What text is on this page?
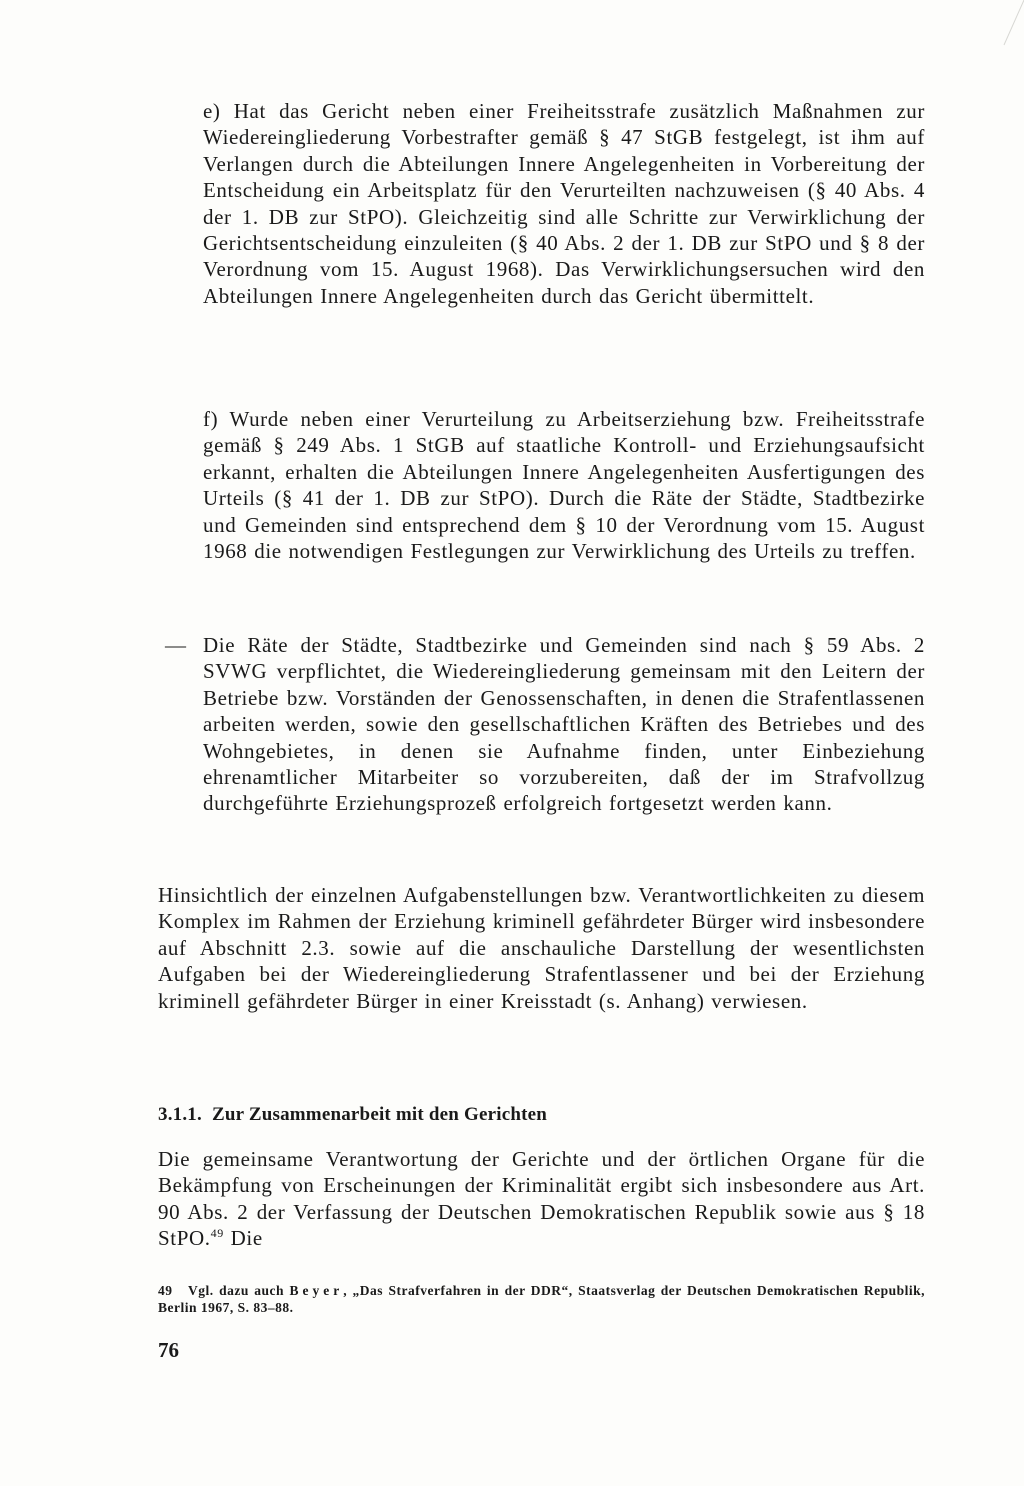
e) Hat das Gericht neben einer Freiheitsstrafe zusätzlich Maßnahmen zur Wiedereingliederung Vorbestrafter gemäß § 47 StGB festgelegt, ist ihm auf Verlangen durch die Abteilungen Innere Angelegenheiten in Vorbereitung der Entscheidung ein Arbeitsplatz für den Verurteilten nachzuweisen (§ 40 Abs. 4 der 1. DB zur StPO). Gleichzeitig sind alle Schritte zur Verwirklichung der Gerichtsentscheidung einzuleiten (§ 40 Abs. 2 der 1. DB zur StPO und § 8 der Verordnung vom 15. August 1968). Das Verwirklichungsersuchen wird den Abteilungen Innere Angelegenheiten durch das Gericht übermittelt.

f) Wurde neben einer Verurteilung zu Arbeitserziehung bzw. Freiheitsstrafe gemäß § 249 Abs. 1 StGB auf staatliche Kontroll- und Erziehungsaufsicht erkannt, erhalten die Abteilungen Innere Angelegenheiten Ausfertigungen des Urteils (§ 41 der 1. DB zur StPO). Durch die Räte der Städte, Stadtbezirke und Gemeinden sind entsprechend dem § 10 der Verordnung vom 15. August 1968 die notwendigen Festlegungen zur Verwirklichung des Urteils zu treffen.

— Die Räte der Städte, Stadtbezirke und Gemeinden sind nach § 59 Abs. 2 SVWG verpflichtet, die Wiedereingliederung gemeinsam mit den Leitern der Betriebe bzw. Vorständen der Genossenschaften, in denen die Strafentlassenen arbeiten werden, sowie den gesellschaftlichen Kräften des Betriebes und des Wohngebietes, in denen sie Aufnahme finden, unter Einbeziehung ehrenamtlicher Mitarbeiter so vorzubereiten, daß der im Strafvollzug durchgeführte Erziehungsprozeß erfolgreich fortgesetzt werden kann.

Hinsichtlich der einzelnen Aufgabenstellungen bzw. Verantwortlichkeiten zu diesem Komplex im Rahmen der Erziehung kriminell gefährdeter Bürger wird insbesondere auf Abschnitt 2.3. sowie auf die anschauliche Darstellung der wesentlichsten Aufgaben bei der Wiedereingliederung Strafentlassener und bei der Erziehung kriminell gefährdeter Bürger in einer Kreisstadt (s. Anhang) verwiesen.

3.1.1. Zur Zusammenarbeit mit den Gerichten

Die gemeinsame Verantwortung der Gerichte und der örtlichen Organe für die Bekämpfung von Erscheinungen der Kriminalität ergibt sich insbesondere aus Art. 90 Abs. 2 der Verfassung der Deutschen Demokratischen Republik sowie aus § 18 StPO.$^{49}$ Die

49 Vgl. dazu auch Beyer, „Das Strafverfahren in der DDR“, Staatsverlag der Deutschen Demokratischen Republik, Berlin 1967, S. 83–88.
76
